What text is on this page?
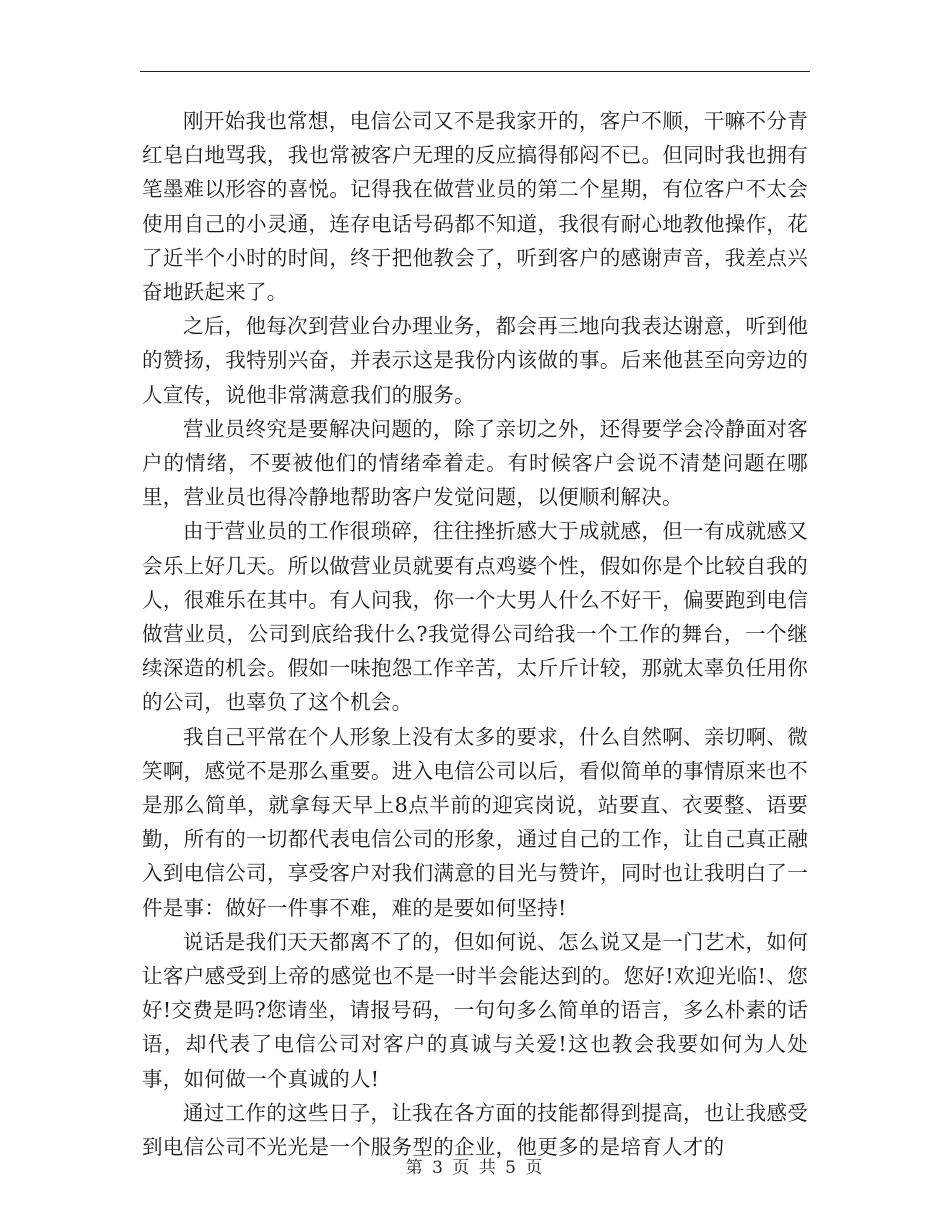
刚开始我也常想，电信公司又不是我家开的，客户不顺，干嘛不分青红皂白地骂我，我也常被客户无理的反应搞得郁闷不已。但同时我也拥有笔墨难以形容的喜悦。记得我在做营业员的第二个星期，有位客户不太会使用自己的小灵通，连存电话号码都不知道，我很有耐心地教他操作，花了近半个小时的时间，终于把他教会了，听到客户的感谢声音，我差点兴奋地跃起来了。

之后，他每次到营业台办理业务，都会再三地向我表达谢意，听到他的赞扬，我特别兴奋，并表示这是我份内该做的事。后来他甚至向旁边的人宣传，说他非常满意我们的服务。

营业员终究是要解决问题的，除了亲切之外，还得要学会冷静面对客户的情绪，不要被他们的情绪牵着走。有时候客户会说不清楚问题在哪里，营业员也得冷静地帮助客户发觉问题，以便顺利解决。

由于营业员的工作很琐碎，往往挫折感大于成就感，但一有成就感又会乐上好几天。所以做营业员就要有点鸡婆个性，假如你是个比较自我的人，很难乐在其中。有人问我，你一个大男人什么不好干，偏要跑到电信做营业员，公司到底给我什么?我觉得公司给我一个工作的舞台，一个继续深造的机会。假如一味抱怨工作辛苦，太斤斤计较，那就太辜负任用你的公司，也辜负了这个机会。

我自己平常在个人形象上没有太多的要求，什么自然啊、亲切啊、微笑啊，感觉不是那么重要。进入电信公司以后，看似简单的事情原来也不是那么简单，就拿每天早上8点半前的迎宾岗说，站要直、衣要整、语要勤，所有的一切都代表电信公司的形象，通过自己的工作，让自己真正融入到电信公司，享受客户对我们满意的目光与赞许，同时也让我明白了一件是事：做好一件事不难，难的是要如何坚持!

说话是我们天天都离不了的，但如何说、怎么说又是一门艺术，如何让客户感受到上帝的感觉也不是一时半会能达到的。您好!欢迎光临!、您好!交费是吗?您请坐，请报号码，一句句多么简单的语言，多么朴素的话语，却代表了电信公司对客户的真诚与关爱!这也教会我要如何为人处事，如何做一个真诚的人!

通过工作的这些日子，让我在各方面的技能都得到提高，也让我感受到电信公司不光光是一个服务型的企业，他更多的是培育人才的

第 3 页 共 5 页
